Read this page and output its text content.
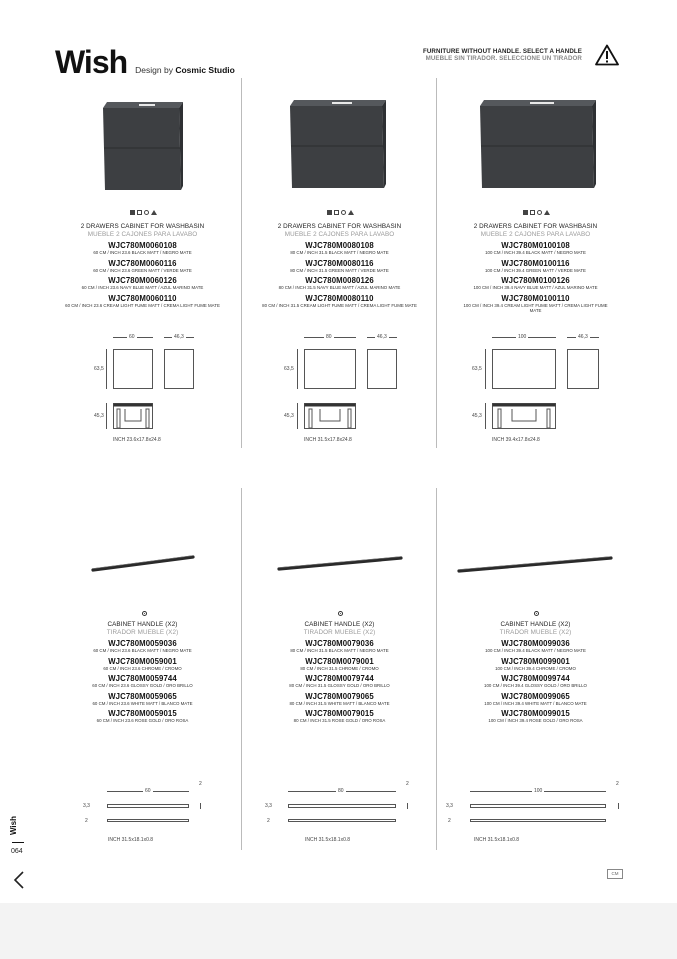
Wish Design by Cosmic Studio
FURNITURE WITHOUT HANDLE. SELECT A HANDLE
MUEBLE SIN TIRADOR. SELECCIONE UN TIRADOR
2 DRAWERS CABINET FOR WASHBASIN
MUEBLE 2 CAJONES PARA LAVABO
WJC780M0060108
60 CM / INCH 23.6 BLACK MATT / NEGRO MATE
WJC780M0060116
60 CM / INCH 23.6 GREEN MATT / VERDE MATE
WJC780M0060126
60 CM / INCH 23.6 NAVY BLUE MATT / AZUL MARINO MATE
WJC780M0060110
60 CM / INCH 23.6 CREAM LIGHT FUME MATT / CREMA LIGHT FUME MATE
60	46,3
63,5
45,3
INCH 23.6x17.8x24.8
2 DRAWERS CABINET FOR WASHBASIN
MUEBLE 2 CAJONES PARA LAVABO
WJC780M0080108
80 CM / INCH 31.5 BLACK MATT / NEGRO MATE
WJC780M0080116
80 CM / INCH 31.5 GREEN MATT / VERDE MATE
WJC780M0080126
80 CM / INCH 31.5 NAVY BLUE MATT / AZUL MARINO MATE
WJC780M0080110
80 CM / INCH 31.5 CREAM LIGHT FUME MATT / CREMA LIGHT FUME MATE
80	46,3
63,5
45,3
INCH 31.5x17.8x24.8
2 DRAWERS CABINET FOR WASHBASIN
MUEBLE 2 CAJONES PARA LAVABO
WJC780M0100108
100 CM / INCH 39.4 BLACK MATT / NEGRO MATE
WJC780M0100116
100 CM / INCH 39.4 GREEN MATT / VERDE MATE
WJC780M0100126
100 CM / INCH 39.4 NAVY BLUE MATT / AZUL MARINO MATE
WJC780M0100110
100 CM / INCH 39.4 CREAM LIGHT FUME MATT / CREMA LIGHT FUME MATE
100	46,3
63,5
45,3
INCH 39.4x17.8x24.8
CABINET HANDLE (X2)
TIRADOR MUEBLE (X2)
WJC780M0059036
60 CM / INCH 23.6 BLACK MATT / NEGRO MATE
WJC780M0059001
60 CM / INCH 23.6 CHROME / CROMO
WJC780M0059744
60 CM / INCH 23.6 GLOSSY GOLD / ORO BRILLO
WJC780M0059065
60 CM / INCH 23.6 WHITE MATT / BLANCO MATE
WJC780M0059015
60 CM / INCH 23.6 ROSE GOLD / ORO ROSA
60
2
3,3
2
INCH 31.5x18.1x0.8
CABINET HANDLE (X2)
TIRADOR MUEBLE (X2)
WJC780M0079036
80 CM / INCH 31.5 BLACK MATT / NEGRO MATE
WJC780M0079001
80 CM / INCH 31.5 CHROME / CROMO
WJC780M0079744
80 CM / INCH 31.5 GLOSSY GOLD / ORO BRILLO
WJC780M0079065
80 CM / INCH 31.5 WHITE MATT / BLANCO MATE
WJC780M0079015
80 CM / INCH 31.5 ROSE GOLD / ORO ROSA
80
2
3,3
2
INCH 31.5x18.1x0.8
CABINET HANDLE (X2)
TIRADOR MUEBLE (X2)
WJC780M0099036
100 CM / INCH 39.4 BLACK MATT / NEGRO MATE
WJC780M0099001
100 CM / INCH 39.4 CHROME / CROMO
WJC780M0099744
100 CM / INCH 39.4 GLOSSY GOLD / ORO BRILLO
WJC780M0099065
100 CM / INCH 39.4 WHITE MATT / BLANCO MATE
WJC780M0099015
100 CM / INCH 39.4 ROSE GOLD / ORO ROSA
100
2
3,3
2
INCH 31.5x18.1x0.8
Wish
064
CM
